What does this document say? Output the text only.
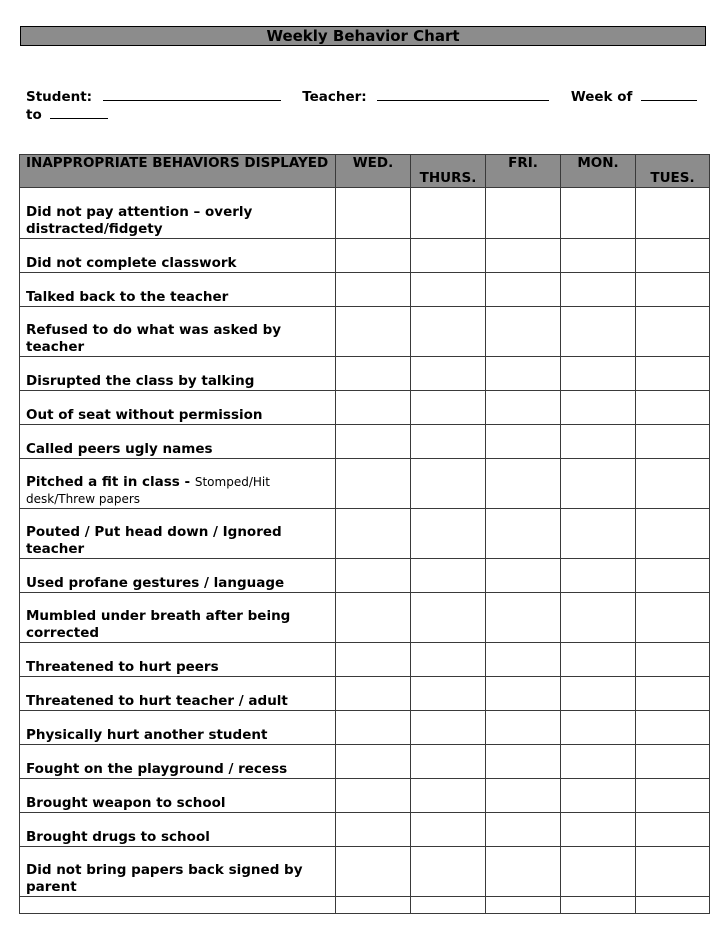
Weekly Behavior Chart
Student:	Teacher:	Week of
to
INAPPROPRIATE BEHAVIORS DISPLAYED	WED.	THURS.	FRI.	MON.	TUES.
Did not pay attention – overly distracted/fidgety					
Did not complete classwork					
Talked back to the teacher					
Refused to do what was asked by teacher					
Disrupted the class by talking					
Out of seat without permission					
Called peers ugly names					
Pitched a fit in class - Stomped/Hit desk/Threw papers					
Pouted / Put head down / Ignored teacher					
Used profane gestures / language					
Mumbled under breath after being corrected					
Threatened to hurt peers					
Threatened to hurt teacher / adult					
Physically hurt another student					
Fought on the playground / recess					
Brought weapon to school					
Brought drugs to school					
Did not bring papers back signed by parent					
